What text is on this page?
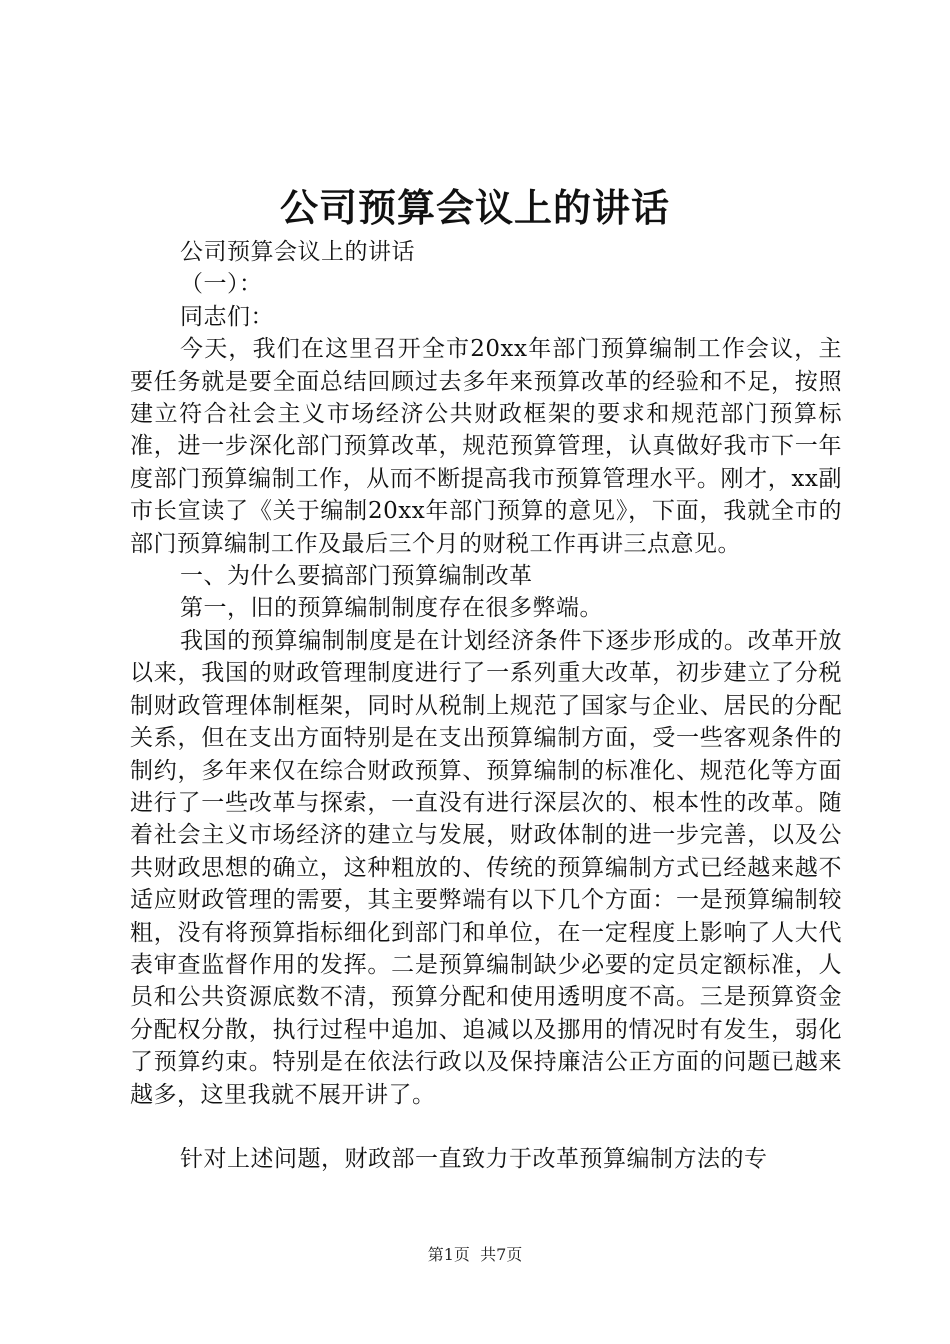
公司预算会议上的讲话

公司预算会议上的讲话

（一）：

同志们：

今天，我们在这里召开全市20xx年部门预算编制工作会议，主要任务就是要全面总结回顾过去多年来预算改革的经验和不足，按照建立符合社会主义市场经济公共财政框架的要求和规范部门预算标准，进一步深化部门预算改革，规范预算管理，认真做好我市下一年度部门预算编制工作，从而不断提高我市预算管理水平。刚才，xx副市长宣读了《关于编制20xx年部门预算的意见》，下面，我就全市的部门预算编制工作及最后三个月的财税工作再讲三点意见。

一、为什么要搞部门预算编制改革

第一，旧的预算编制制度存在很多弊端。

我国的预算编制制度是在计划经济条件下逐步形成的。改革开放以来，我国的财政管理制度进行了一系列重大改革，初步建立了分税制财政管理体制框架，同时从税制上规范了国家与企业、居民的分配关系，但在支出方面特别是在支出预算编制方面，受一些客观条件的制约，多年来仅在综合财政预算、预算编制的标准化、规范化等方面进行了一些改革与探索，一直没有进行深层次的、根本性的改革。随着社会主义市场经济的建立与发展，财政体制的进一步完善，以及公共财政思想的确立，这种粗放的、传统的预算编制方式已经越来越不适应财政管理的需要，其主要弊端有以下几个方面：一是预算编制较粗，没有将预算指标细化到部门和单位，在一定程度上影响了人大代表审查监督作用的发挥。二是预算编制缺少必要的定员定额标准，人员和公共资源底数不清，预算分配和使用透明度不高。三是预算资金分配权分散，执行过程中追加、追减以及挪用的情况时有发生，弱化了预算约束。特别是在依法行政以及保持廉洁公正方面的问题已越来越多，这里我就不展开讲了。

针对上述问题，财政部一直致力于改革预算编制方法的专

第1页  共7页
